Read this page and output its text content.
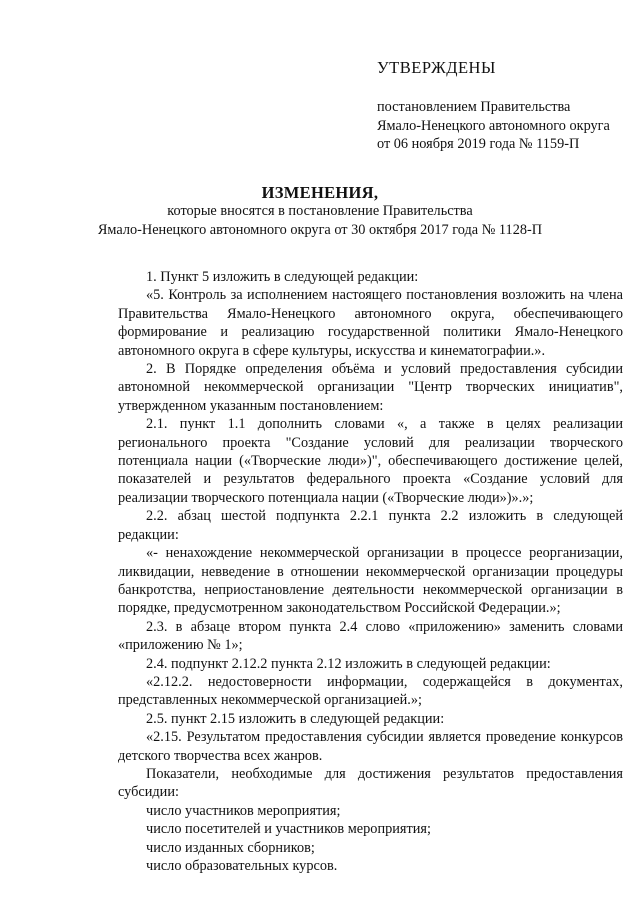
УТВЕРЖДЕНЫ
постановлением Правительства
Ямало-Ненецкого автономного округа
от 06 ноября 2019 года № 1159-П
ИЗМЕНЕНИЯ,
которые вносятся в постановление Правительства
Ямало-Ненецкого автономного округа от 30 октября 2017 года № 1128-П

1. Пункт 5 изложить в следующей редакции:

«5. Контроль за исполнением настоящего постановления возложить на члена Правительства Ямало-Ненецкого автономного округа, обеспечивающего формирование и реализацию государственной политики Ямало-Ненецкого автономного округа в сфере культуры, искусства и кинематографии.».

2. В Порядке определения объёма и условий предоставления субсидии автономной некоммерческой организации "Центр творческих инициатив", утвержденном указанным постановлением:

2.1. пункт 1.1 дополнить словами «, а также в целях реализации регионального проекта "Создание условий для реализации творческого потенциала нации («Творческие люди»)", обеспечивающего достижение целей, показателей и результатов федерального проекта «Создание условий для реализации творческого потенциала нации («Творческие люди»)».»;

2.2. абзац шестой подпункта 2.2.1 пункта 2.2 изложить в следующей редакции:

«- ненахождение некоммерческой организации в процессе реорганизации, ликвидации, невведение в отношении некоммерческой организации процедуры банкротства, неприостановление деятельности некоммерческой организации в порядке, предусмотренном законодательством Российской Федерации.»;

2.3. в абзаце втором пункта 2.4 слово «приложению» заменить словами «приложению № 1»;

2.4. подпункт 2.12.2 пункта 2.12 изложить в следующей редакции:

«2.12.2. недостоверности информации, содержащейся в документах, представленных некоммерческой организацией.»;

2.5. пункт 2.15 изложить в следующей редакции:

«2.15. Результатом предоставления субсидии является проведение конкурсов детского творчества всех жанров.

Показатели, необходимые для достижения результатов предоставления субсидии:

число участников мероприятия;

число посетителей и участников мероприятия;

число изданных сборников;

число образовательных курсов.
